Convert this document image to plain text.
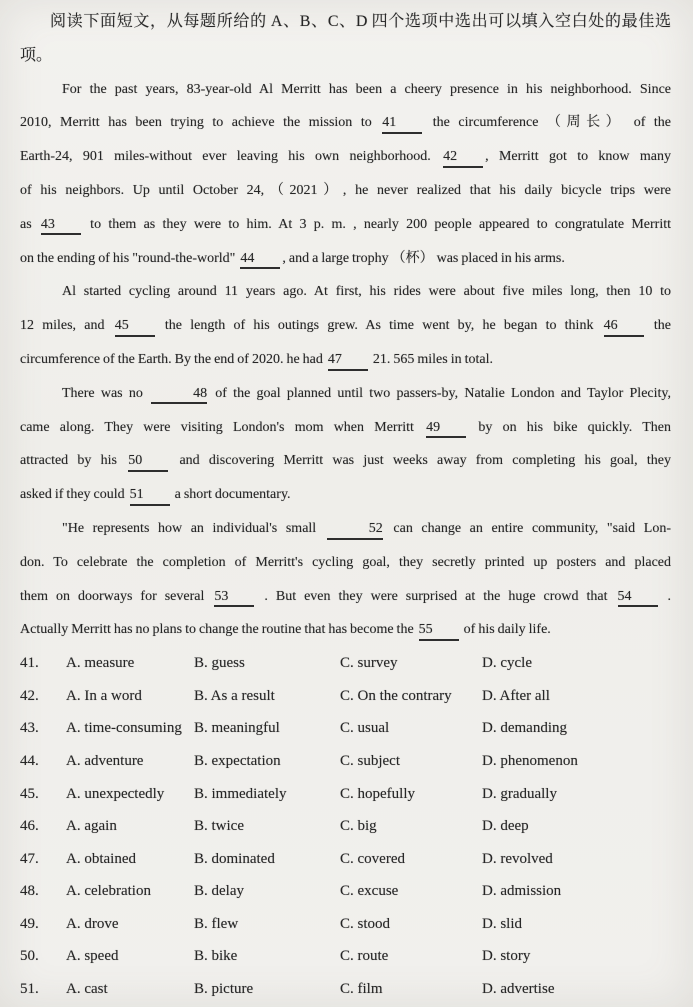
阅读下面短文，从每题所给的 A、B、C、D 四个选项中选出可以填入空白处的最佳选
项。
For the past years, 83-year-old Al Merritt has been a cheery presence in his neighborhood. Since
2010, Merritt has been trying to achieve the mission to 41 the circumference （周长） of the
Earth-24, 901 miles-without ever leaving his own neighborhood. 42 , Merritt got to know many
of his neighbors. Up until October 24,（2021）, he never realized that his daily bicycle trips were
as 43 to them as they were to him. At 3 p. m. , nearly 200 people appeared to congratulate Merritt
on the ending of his "round-the-world" 44 , and a large trophy （杯） was placed in his arms.
Al started cycling around 11 years ago. At first, his rides were about five miles long, then 10 to
12 miles, and 45 the length of his outings grew. As time went by, he began to think 46 the
circumference of the Earth. By the end of 2020. he had 47 21. 565 miles in total.
There was no	48 of the goal planned until two passers-by, Natalie London and Taylor Plecity,
came along. They were visiting London's mom when Merritt 49 by on his bike quickly. Then
attracted by his 50 and discovering Merritt was just weeks away from completing his goal, they
asked if they could 51 a short documentary.
"He represents how an individual's small	52 can change an entire community, "said Lon-
don. To celebrate the completion of Merritt's cycling goal, they secretly printed up posters and placed
them on doorways for several 53 . But even they were surprised at the huge crowd that 54 .
Actually Merritt has no plans to change the routine that has become the 55 of his daily life.
41.	A. measure	B. guess	C. survey	D. cycle
42.	A. In a word	B. As a result	C. On the contrary	D. After all
43.	A. time-consuming B. meaningful	C. usual	D. demanding
44.	A. adventure	B. expectation	C. subject	D. phenomenon
45.	A. unexpectedly	B. immediately	C. hopefully	D. gradually
46.	A. again	B. twice	C. big	D. deep
47.	A. obtained	B. dominated	C. covered	D. revolved
48.	A. celebration	B. delay	C. excuse	D. admission
49.	A. drove	B. flew	C. stood	D. slid
50.	A. speed	B. bike	C. route	D. story
51.	A. cast	B. picture	C. film	D. advertise
